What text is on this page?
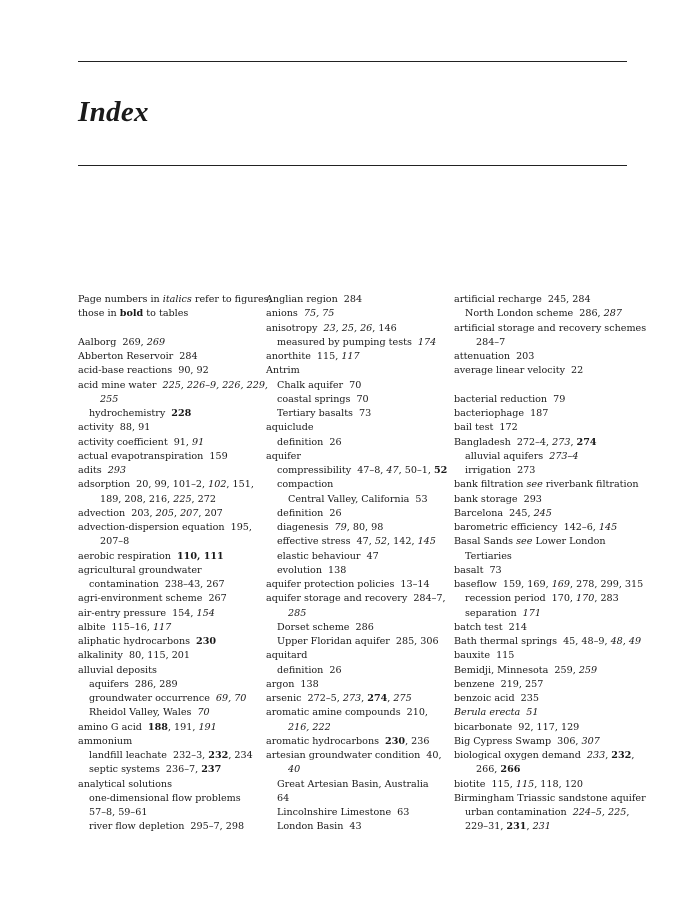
Index
Page numbers in italics refer to figures;
those in bold to tables
Aalborg 269, 269
Abberton Reservoir 284
acid-base reactions 90, 92
acid mine water 225, 226–9, 226, 229,
255
hydrochemistry 228
activity 88, 91
activity coefficient 91, 91
actual evapotranspiration 159
adits 293
adsorption 20, 99, 101–2, 102, 151,
189, 208, 216, 225, 272
advection 203, 205, 207, 207
advection-dispersion equation 195,
207–8
aerobic respiration 110, 111
agricultural groundwater
contamination 238–43, 267
agri-environment scheme 267
air-entry pressure 154, 154
albite 115–16, 117
aliphatic hydrocarbons 230
alkalinity 80, 115, 201
alluvial deposits
aquifers 286, 289
groundwater occurrence 69, 70
Rheidol Valley, Wales 70
amino G acid 188, 191, 191
ammonium
landfill leachate 232–3, 232, 234
septic systems 236–7, 237
analytical solutions
one-dimensional flow problems
57–8, 59–61
river flow depletion 295–7, 298
Anglian region 284
anions 75, 75
anisotropy 23, 25, 26, 146
measured by pumping tests 174
anorthite 115, 117
Antrim
Chalk aquifer 70
coastal springs 70
Tertiary basalts 73
aquiclude
definition 26
aquifer
compressibility 47–8, 47, 50–1, 52
compaction
Central Valley, California 53
definition 26
diagenesis 79, 80, 98
effective stress 47, 52, 142, 145
elastic behaviour 47
evolution 138
aquifer protection policies 13–14
aquifer storage and recovery 284–7,
285
Dorset scheme 286
Upper Floridan aquifer 285, 306
aquitard
definition 26
argon 138
arsenic 272–5, 273, 274, 275
aromatic amine compounds 210,
216, 222
aromatic hydrocarbons 230, 236
artesian groundwater condition 40,
40
Great Artesian Basin, Australia
64
Lincolnshire Limestone 63
London Basin 43
artificial recharge 245, 284
North London scheme 286, 287
artificial storage and recovery schemes
284–7
attenuation 203
average linear velocity 22
bacterial reduction 79
bacteriophage 187
bail test 172
Bangladesh 272–4, 273, 274
alluvial aquifers 273–4
irrigation 273
bank filtration see riverbank filtration
bank storage 293
Barcelona 245, 245
barometric efficiency 142–6, 145
Basal Sands see Lower London
Tertiaries
basalt 73
baseflow 159, 169, 169, 278, 299, 315
recession period 170, 170, 283
separation 171
batch test 214
Bath thermal springs 45, 48–9, 48, 49
bauxite 115
Bemidji, Minnesota 259, 259
benzene 219, 257
benzoic acid 235
Berula erecta 51
bicarbonate 92, 117, 129
Big Cypress Swamp 306, 307
biological oxygen demand 233, 232,
266, 266
biotite 115, 115, 118, 120
Birmingham Triassic sandstone aquifer
urban contamination 224–5, 225,
229–31, 231, 231
